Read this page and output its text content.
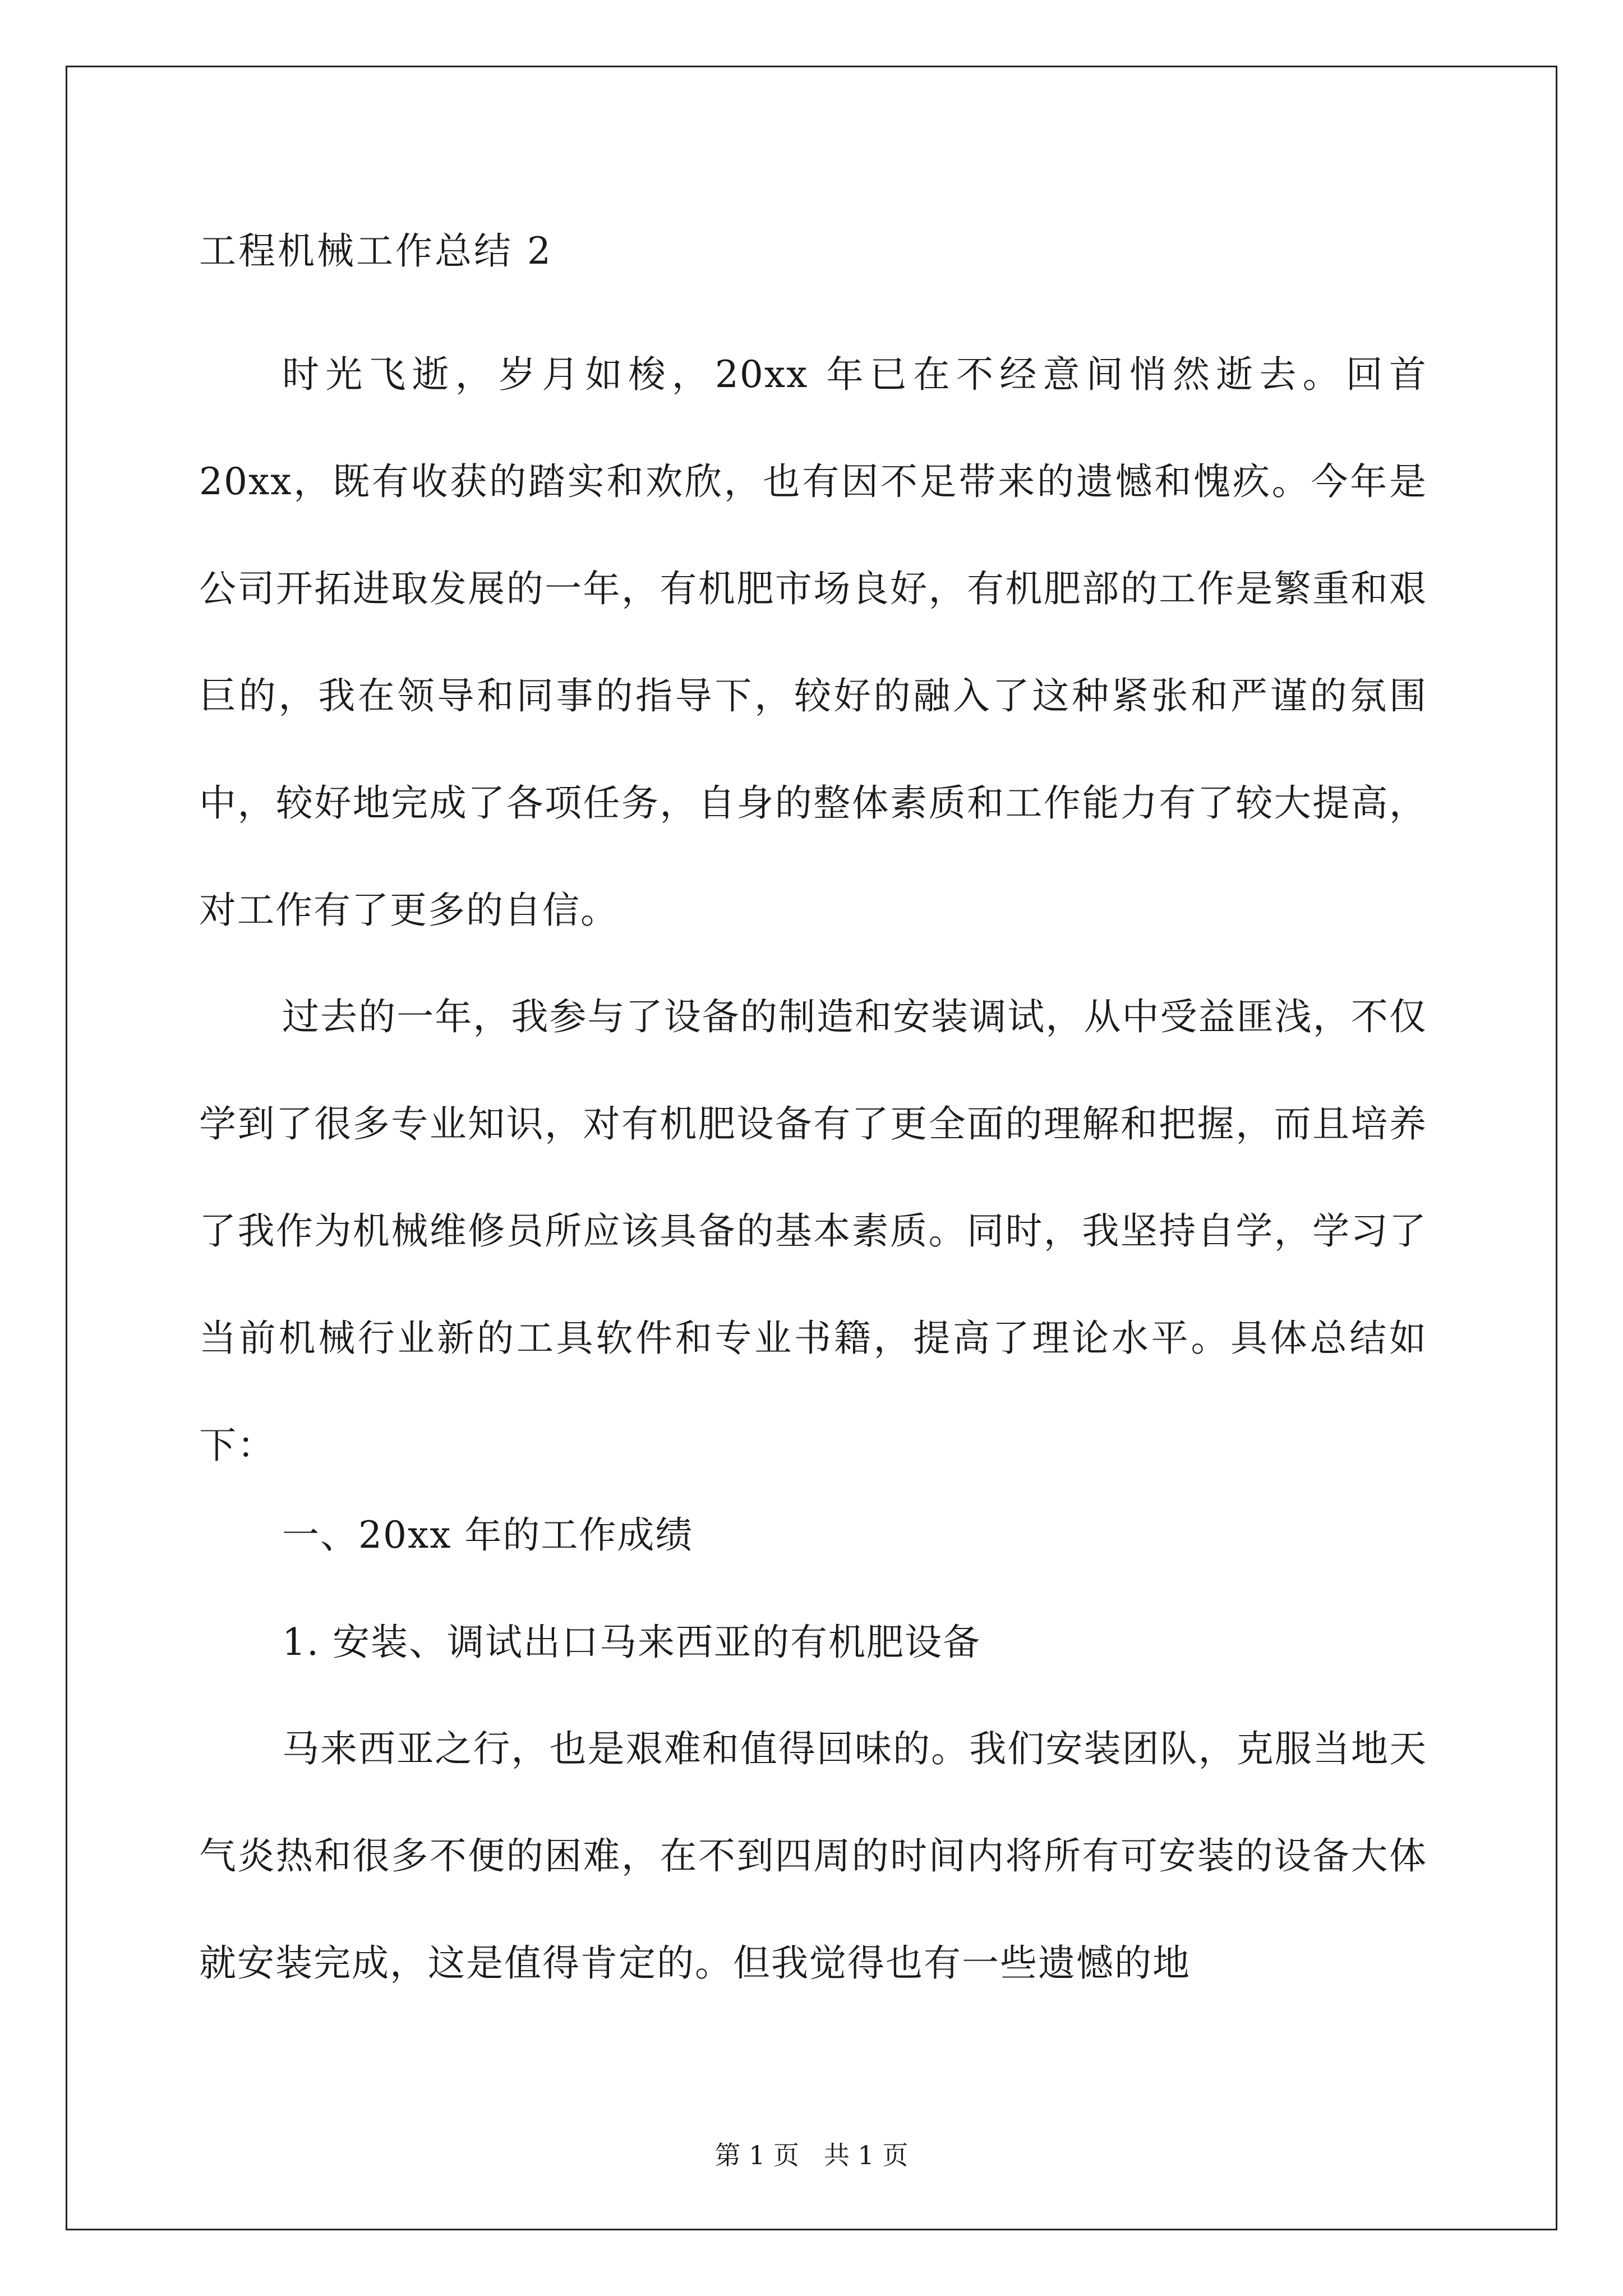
工程机械工作总结 2

时光飞逝，岁月如梭，20xx 年已在不经意间悄然逝去。回首 20xx，既有收获的踏实和欢欣，也有因不足带来的遗憾和愧疚。今年是公司开拓进取发展的一年，有机肥市场良好，有机肥部的工作是繁重和艰巨的，我在领导和同事的指导下，较好的融入了这种紧张和严谨的氛围中，较好地完成了各项任务，自身的整体素质和工作能力有了较大提高，对工作有了更多的自信。

过去的一年，我参与了设备的制造和安装调试，从中受益匪浅，不仅学到了很多专业知识，对有机肥设备有了更全面的理解和把握，而且培养了我作为机械维修员所应该具备的基本素质。同时，我坚持自学，学习了当前机械行业新的工具软件和专业书籍，提高了理论水平。具体总结如下：

一、20xx 年的工作成绩
1. 安装、调试出口马来西亚的有机肥设备

马来西亚之行，也是艰难和值得回味的。我们安装团队，克服当地天气炎热和很多不便的困难，在不到四周的时间内将所有可安装的设备大体就安装完成，这是值得肯定的。但我觉得也有一些遗憾的地

第 1 页   共 1 页
